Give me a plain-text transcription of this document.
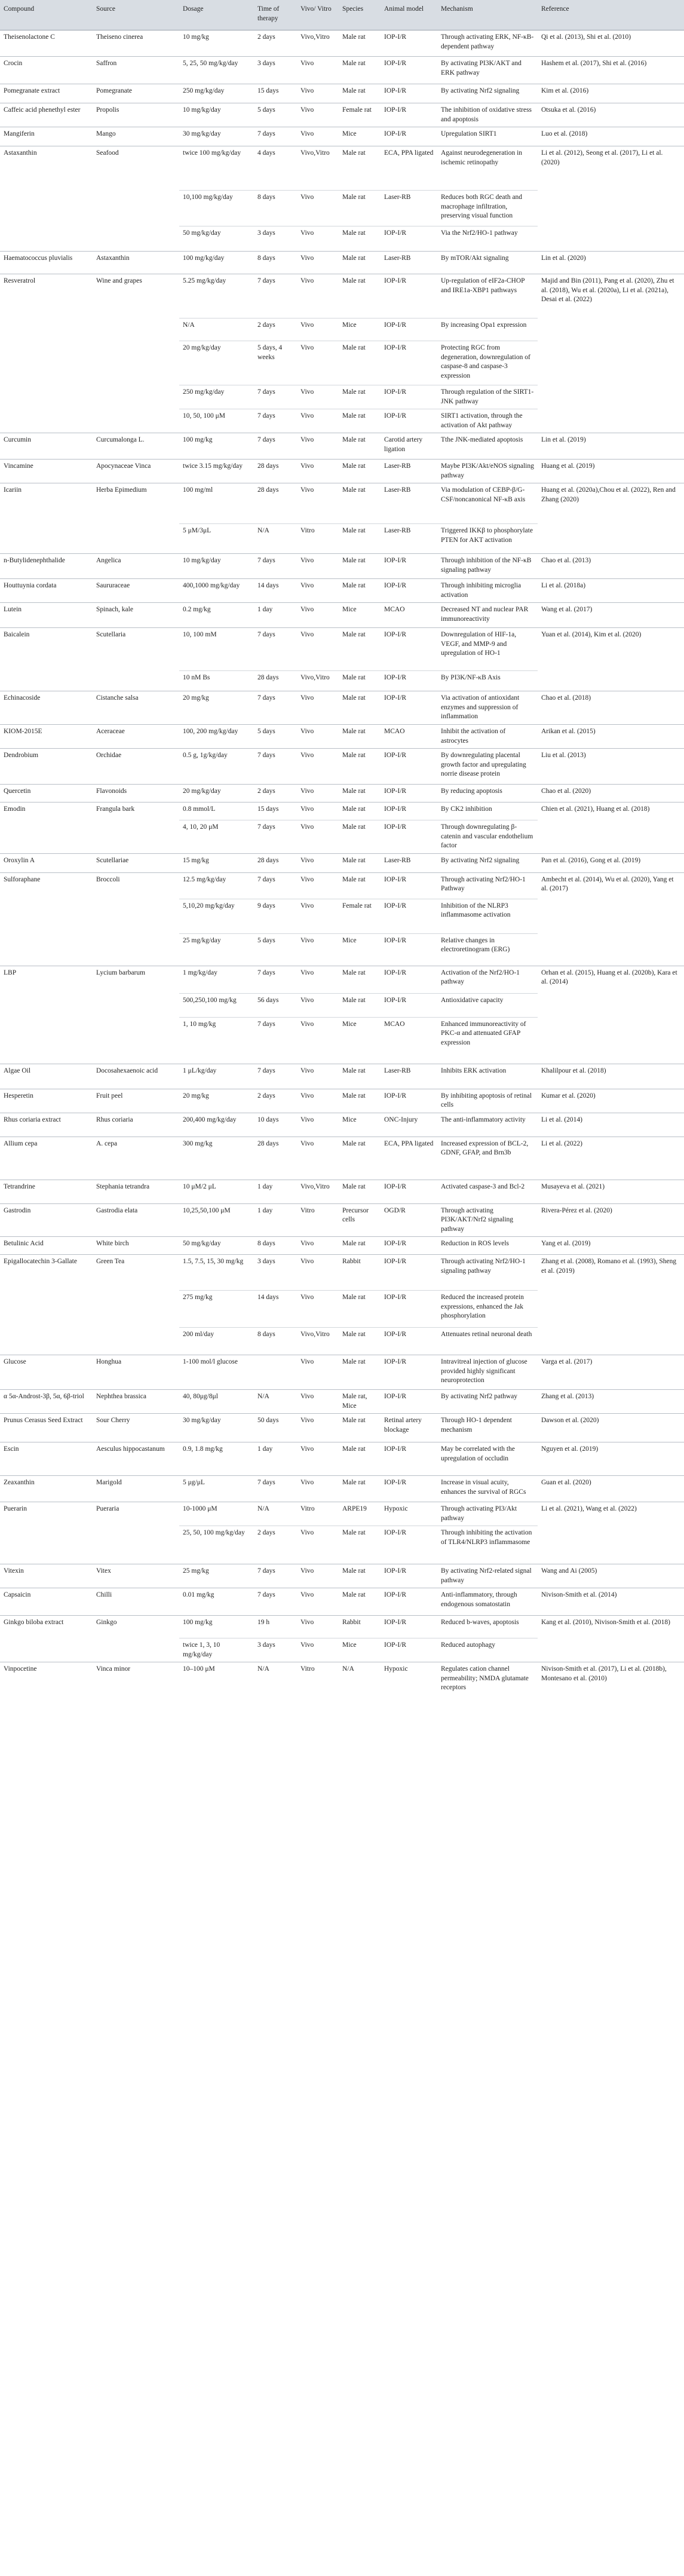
Compound	Source	Dosage	Time of therapy	Vivo/ Vitro	Species	Animal model	Mechanism	Reference
Theisenolactone C	Theisenο cinerea	10 mg/kg	2 days	Vivo,Vitro	Male rat	IOP-I/R	Through activating ERK, NF-κB-dependent pathway	Qi et al. (2013), Shi et al. (2010)
Crocin	Saffron	5, 25, 50 mg/kg/day	3 days	Vivo	Male rat	IOP-I/R	By activating PI3K/AKT and ERK pathway	Hashem et al. (2017), Shi et al. (2016)
Pomegranate extract	Pomegranate	250 mg/kg/day	15 days	Vivo	Male rat	IOP-I/R	By activating Nrf2 signaling	Kim et al. (2016)
Caffeic acid phenethyl ester	Propolis	10 mg/kg/day	5 days	Vivo	Female rat	IOP-I/R	The inhibition of oxidative stress and apoptosis	Otsuka et al. (2016)
Mangiferin	Mango	30 mg/kg/day	7 days	Vivo	Mice	IOP-I/R	Upregulation SIRT1	Luo et al. (2018)
Astaxanthin	Seafood	twice 100 mg/kg/day	4 days	Vivo,Vitro	Male rat	ECA, PPA ligated	Against neurodegeneration in ischemic retinopathy	Li et al. (2012), Seong et al. (2017), Li et al. (2020)
		10,100 mg/kg/day	8 days	Vivo	Male rat	Laser-RB	Reduces both RGC death and macrophage infiltration, preserving visual function	
		50 mg/kg/day	3 days	Vivo	Male rat	IOP-I/R	Via the Nrf2/HO-1 pathway	
Haematococcus pluvialis	Astaxanthin	100 mg/kg/day	8 days	Vivo	Male rat	Laser-RB	By mTOR/Akt signaling	Lin et al. (2020)
Resveratrol	Wine and grapes	5.25 mg/kg/day	7 days	Vivo	Male rat	IOP-I/R	Up-regulation of eIF2a-CHOP and IRE1a-XBP1 pathways	Majid and Bin (2011), Pang et al. (2020), Zhu et al. (2018), Wu et al. (2020a), Li et al. (2021a), Desai et al. (2022)
		N/A	2 days	Vivo	Mice	IOP-I/R	By increasing Opa1 expression	
		20 mg/kg/day	5 days, 4 weeks	Vivo	Male rat	IOP-I/R	Protecting RGC from degeneration, downregulation of caspase-8 and caspase-3 expression	
		250 mg/kg/day	7 days	Vivo	Male rat	IOP-I/R	Through regulation of the SIRT1-JNK pathway	
		10, 50, 100 μM	7 days	Vivo	Male rat	IOP-I/R	SIRT1 activation, through the activation of Akt pathway	
Curcumin	Curcumalonga L.	100 mg/kg	7 days	Vivo	Male rat	Carotid artery ligation	Tthe JNK-mediated apoptosis	Lin et al. (2019)
Vincamine	Apocynaceae Vinca	twice 3.15 mg/kg/day	28 days	Vivo	Male rat	Laser-RB	Maybe PI3K/Akt/eNOS signaling pathway	Huang et al. (2019)
Icariin	Herba Epimedium	100 mg/ml	28 days	Vivo	Male rat	Laser-RB	Via modulation of CEBP-β/G-CSF/noncanonical NF-κB axis	Huang et al. (2020a),Chou et al. (2022), Ren and Zhang (2020)
		5 μM/3μL	N/A	Vitro	Male rat	Laser-RB	Triggered IKKβ to phosphorylate PTEN for AKT activation	
n-Butylidenephthalide	Angelica	10 mg/kg/day	7 days	Vivo	Male rat	IOP-I/R	Through inhibition of the NF-κB signaling pathway	Chao et al. (2013)
Houttuynia cordata	Saururaceae	400,1000 mg/kg/day	14 days	Vivo	Male rat	IOP-I/R	Through inhibiting microglia activation	Li et al. (2018a)
Lutein	Spinach, kale	0.2 mg/kg	1 day	Vivo	Mice	MCAO	Decreased NT and nuclear PAR immunoreactivity	Wang et al. (2017)
Baicalein	Scutellaria	10, 100 mM	7 days	Vivo	Male rat	IOP-I/R	Downregulation of HIF-1a, VEGF, and MMP-9 and upregulation of HO-1	Yuan et al. (2014), Kim et al. (2020)
		10 nM Bs	28 days	Vivo,Vitro	Male rat	IOP-I/R	By PI3K/NF-κB Axis	
Echinacoside	Cistanche salsa	20 mg/kg	7 days	Vivo	Male rat	IOP-I/R	Via activation of antioxidant enzymes and suppression of inflammation	Chao et al. (2018)
KIOM-2015E	Aceraceae	100, 200 mg/kg/day	5 days	Vivo	Male rat	MCAO	Inhibit the activation of astrocytes	Arikan et al. (2015)
Dendrobium	Orchidae	0.5 g, 1g/kg/day	7 days	Vivo	Male rat	IOP-I/R	By downregulating placental growth factor and upregulating norrie disease protein	Liu et al. (2013)
Quercetin	Flavonoids	20 mg/kg/day	2 days	Vivo	Male rat	IOP-I/R	By reducing apoptosis	Chao et al. (2020)
Emodin	Frangula bark	0.8 mmol/L	15 days	Vivo	Male rat	IOP-I/R	By CK2 inhibition	Chien et al. (2021), Huang et al. (2018)
		4, 10, 20 μM	7 days	Vivo	Male rat	IOP-I/R	Through downregulating β-catenin and vascular endothelium factor	
Oroxylin A	Scutellariae	15 mg/kg	28 days	Vivo	Male rat	Laser-RB	By activating Nrf2 signaling	Pan et al. (2016), Gong et al. (2019)
Sulforaphane	Broccoli	12.5 mg/kg/day	7 days	Vivo	Male rat	IOP-I/R	Through activating Nrf2/HO-1 Pathway	Ambecht et al. (2014), Wu et al. (2020), Yang et al. (2017)
		5,10,20 mg/kg/day	9 days	Vivo	Female rat	IOP-I/R	Inhibition of the NLRP3 inflammasome activation	
		25 mg/kg/day	5 days	Vivo	Mice	IOP-I/R	Relative changes in electroretinogram (ERG)	
LBP	Lycium barbarum	1 mg/kg/day	7 days	Vivo	Male rat	IOP-I/R	Activation of the Nrf2/HO-1 pathway	Orhan et al. (2015), Huang et al. (2020b), Kara et al. (2014)
		500,250,100 mg/kg	56 days	Vivo	Male rat	IOP-I/R	Antioxidative capacity	
		1, 10 mg/kg	7 days	Vivo	Mice	MCAO	Enhanced immunoreactivity of PKC-α and attenuated GFAP expression	
Algae Oil	Docosahexaenoic acid	1 μL/kg/day	7 days	Vivo	Male rat	Laser-RB	Inhibits ERK activation	Khalilpour et al. (2018)
Hesperetin	Fruit peel	20 mg/kg	2 days	Vivo	Male rat	IOP-I/R	By inhibiting apoptosis of retinal cells	Kumar et al. (2020)
Rhus coriaria extract	Rhus coriaria	200,400 mg/kg/day	10 days	Vivo	Mice	ONC-Injury	The anti-inflammatory activity	Li et al. (2014)
Allium cepa	A. cepa	300 mg/kg	28 days	Vivo	Male rat	ECA, PPA ligated	Increased expression of BCL-2, GDNF, GFAP, and Brn3b	Li et al. (2022)
Tetrandrine	Stephania tetrandra	10 μM/2 μL	1 day	Vivo,Vitro	Male rat	IOP-I/R	Activated caspase-3 and Bcl-2	Musayeva et al. (2021)
Gastrodin	Gastrodia elata	10,25,50,100 μM	1 day	Vitro	Precursor cells	OGD/R	Through activating PI3K/AKT/Nrf2 signaling pathway	Rivera-Pérez et al. (2020)
Betulinic Acid	White birch	50 mg/kg/day	8 days	Vivo	Male rat	IOP-I/R	Reduction in ROS levels	Yang et al. (2019)
Epigallocatechin 3-Gallate	Green Tea	1.5, 7.5, 15, 30 mg/kg	3 days	Vivo	Rabbit	IOP-I/R	Through activating Nrf2/HO-1 signaling pathway	Zhang et al. (2008), Romano et al. (1993), Sheng et al. (2019)
		275 mg/kg	14 days	Vivo	Male rat	IOP-I/R	Reduced the increased protein expressions, enhanced the Jak phosphorylation	
		200 ml/day	8 days	Vivo,Vitro	Male rat	IOP-I/R	Attenuates retinal neuronal death	
Glucose	Honghua	1-100 mol/l glucose		Vivo	Male rat	IOP-I/R	Intravitreal injection of glucose provided highly significant neuroprotection	Varga et al. (2017)
α 5α-Androst-3β, 5α, 6β-triol	Nephthea brassica	40, 80μg/8μl	N/A	Vivo	Male rat, Mice	IOP-I/R	By activating Nrf2 pathway	Zhang et al. (2013)
Prunus Cerasus Seed Extract	Sour Cherry	30 mg/kg/day	50 days	Vivo	Male rat	Retinal artery blockage	Through HO-1 dependent mechanism	Dawson et al. (2020)
Escin	Aesculus hippocastanum	0.9, 1.8 mg/kg	1 day	Vivo	Male rat	IOP-I/R	May be correlated with the upregulation of occludin	Nguyen et al. (2019)
Zeaxanthin	Marigold	5 μg/μL	7 days	Vivo	Male rat	IOP-I/R	Increase in visual acuity, enhances the survival of RGCs	Guan et al. (2020)
Puerarin	Pueraria	10-1000 μM	N/A	Vitro	ARPE19	Hypoxic	Through activating PI3/Akt pathway	Li et al. (2021), Wang et al. (2022)
		25, 50, 100 mg/kg/day	2 days	Vivo	Male rat	IOP-I/R	Through inhibiting the activation of TLR4/NLRP3 inflammasome	
Vitexin	Vitex	25 mg/kg	7 days	Vivo	Male rat	IOP-I/R	By activating Nrf2-related signal pathway	Wang and Ai (2005)
Capsaicin	Chilli	0.01 mg/kg	7 days	Vivo	Male rat	IOP-I/R	Anti-inflammatory, through endogenous somatostatin	Nivison-Smith et al. (2014)
Ginkgo biloba extract	Ginkgo	100 mg/kg	19 h	Vivo	Rabbit	IOP-I/R	Reduced b-waves, apoptosis	Kang et al. (2010), Nivison-Smith et al. (2018)
		twice 1, 3, 10 mg/kg/day	3 days	Vivo	Mice	IOP-I/R	Reduced autophagy	
Vinpocetine	Vinca minor	10–100 μM	N/A	Vitro	N/A	Hypoxic	Regulates cation channel permeability; NMDA glutamate receptors	Nivison-Smith et al. (2017), Li et al. (2018b), Montesano et al. (2010)
